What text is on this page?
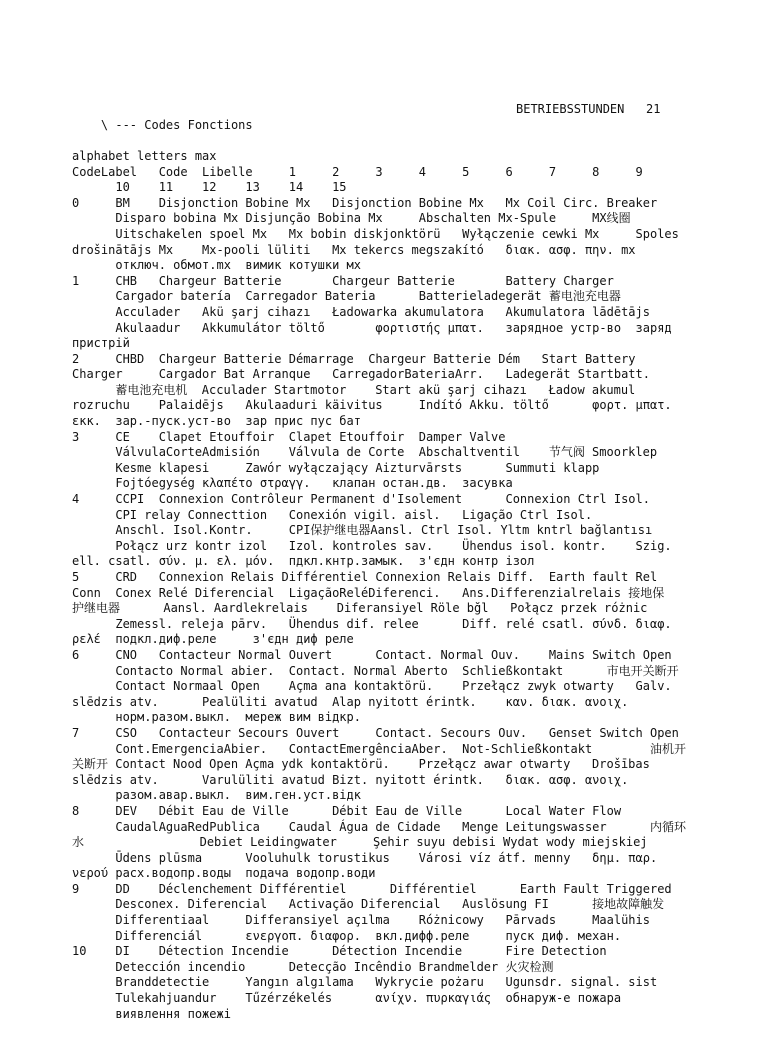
\ --- Codes Fonctions

BETRIEBSSTUNDEN   21

alphabet letters max
CodeLabel   Code  Libelle     1     2     3     4     5     6     7     8     9
10    11    12    13    14    15
0     BM    Disjonction Bobine Mx   Disjonction Bobine Mx   Mx Coil Circ. Breaker
Disparo bobina Mx Disjunção Bobina Mx     Abschalten Mx-Spule     MX线圈
Uitschakelen spoel Mx   Mx bobin diskjonktörü   Wyłączenie cewki Mx     Spoles
drošinātājs Mx    Mx-pooli lüliti   Mx tekercs megszakító   διακ. ασφ. πην. mx
отключ. обмот.mx  вимик котушки мх
1     CHB   Chargeur Batterie       Chargeur Batterie       Battery Charger
Cargador batería  Carregador Bateria      Batterieladegerät 蓄电池充电器
Acculader   Akü şarj cihazı   Ładowarka akumulatora   Akumulatora lādētājs
Akulaadur   Akkumulátor töltő       φορτιστής μπατ.   зарядное устр-во  заряд
пристрій
2     CHBD  Chargeur Batterie Démarrage  Chargeur Batterie Dém   Start Battery
Charger     Cargador Bat Arranque   CarregadorBateriaArr.   Ladegerät Startbatt.
蓄电池充电机  Acculader Startmotor    Start akü şarj cihazı   Ładow akumul
rozruchu    Palaidējs   Akulaaduri käivitus     Indító Akku. töltő      φορτ. μπατ.
εκκ.  зар.-пуск.уст-во  зар прис пус бат
3     CE    Clapet Etouffoir  Clapet Etouffoir  Damper Valve
VálvulaCorteAdmisión    Válvula de Corte  Abschaltventil    节气阀 Smoorklep
Kesme klapesi     Zawór wyłączający Aizturvārsts      Summuti klapp
Fojtóegység κλαπέτο στραγγ.   клапан остан.дв.  засувка
4     CCPI  Connexion Contrôleur Permanent d'Isolement      Connexion Ctrl Isol.
CPI relay Connecttion   Conexión vigil. aisl.   Ligação Ctrl Isol.
Anschl. Isol.Kontr.     CPI保护继电器Aansl. Ctrl Isol. Yltm kntrl bağlantısı
Połącz urz kontr izol   Izol. kontroles sav.    Ühendus isol. kontr.    Szig.
ell. csatl. σύν. μ. ελ. μόν.  пдкл.кнтр.замык.  з'єдн контр ізол
5     CRD   Connexion Relais Différentiel Connexion Relais Diff.  Earth fault Rel
Conn  Conex Relé Diferencial  LigaçãoReléDiferenci.   Ans.Differenzialrelais 接地保
护继电器      Aansl. Aardlekrelais    Diferansiyel Röle bğl   Połącz przek różnic
Zemessl. releja pārv.   Ühendus dif. relee      Diff. relé csatl. σύνδ. διαφ.
ρελέ  подкл.диф.реле     з'єдн диф реле
6     CNO   Contacteur Normal Ouvert      Contact. Normal Ouv.    Mains Switch Open
Contacto Normal abier.  Contact. Normal Aberto  Schließkontakt      市电开关断开
Contact Normaal Open    Açma ana kontaktörü.    Przełącz zwyk otwarty   Galv.
slēdzis atv.      Pealüliti avatud  Alap nyitott érintk.    καν. διακ. ανοιχ.
норм.разом.выкл.  мереж вим відкр.
7     CSO   Contacteur Secours Ouvert     Contact. Secours Ouv.   Genset Switch Open
Cont.EmergenciaAbier.   ContactEmergênciaAber.  Not-Schließkontakt        油机开
关断开 Contact Nood Open Açma ydk kontaktörü.    Przełącz awar otwarty   Drošības
slēdzis atv.      Varulüliti avatud Bizt. nyitott érintk.   διακ. ασφ. ανοιχ.
разом.авар.выкл.  вим.ген.уст.відк
8     DEV   Débit Eau de Ville      Débit Eau de Ville      Local Water Flow
CaudalAguaRedPublica    Caudal Água de Cidade   Menge Leitungswasser      内循环
水                Debiet Leidingwater     Şehir suyu debisi Wydat wody miejskiej
Ūdens plūsma      Vooluhulk torustikus    Városi víz átf. menny   δημ. παρ.
νερού расх.водопр.воды  подача водопр.води
9     DD    Déclenchement Différentiel      Différentiel      Earth Fault Triggered
Desconex. Diferencial   Activação Diferencial   Auslösung FI      接地故障触发
Differentiaal     Differansiyel açılma    Różnicowy   Pārvads     Maalühis
Differenciál      ενεργοπ. διαφορ.  вкл.дифф.реле     пуск диф. механ.
10    DI    Détection Incendie      Détection Incendie      Fire Detection
Detección incendio      Detecção Incêndio Brandmelder 火灾检测
Branddetectie     Yangın algılama   Wykrycie pożaru   Ugunsdr. signal. sist
Tulekahjuandur    Tűzérzékelés      ανίχν. πυρκαγιάς  обнаруж-е пожара
виявлення пожежі
